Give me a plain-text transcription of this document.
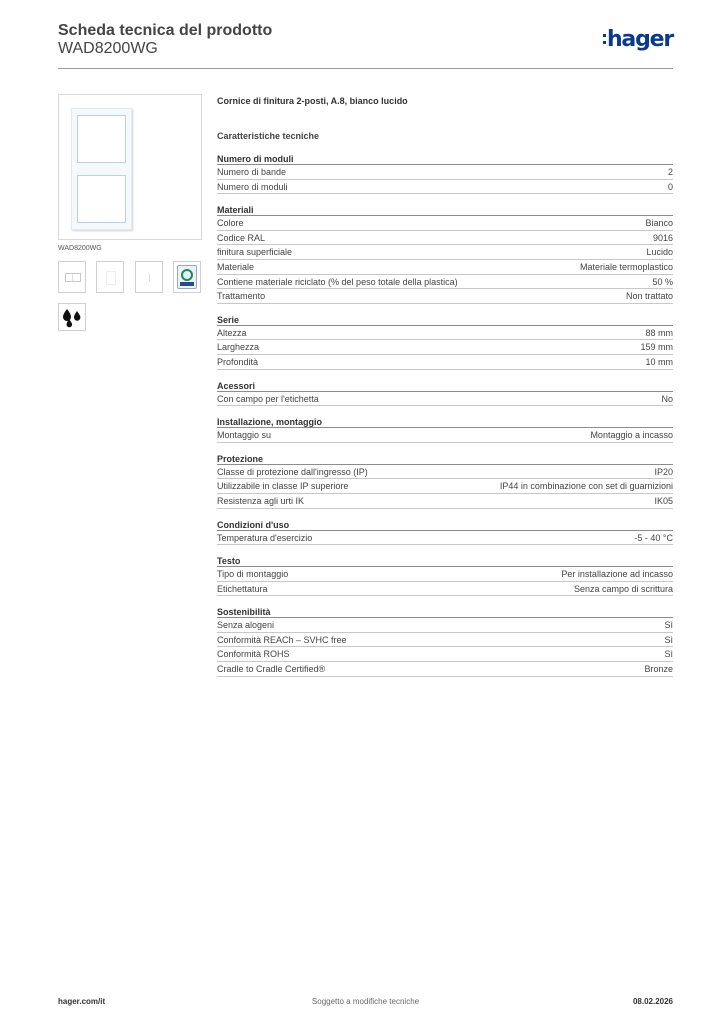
Scheda tecnica del prodotto
WAD8200WG	hager
WAD8200WG
Cornice di finitura 2-posti, A.8, bianco lucido
Caratteristiche tecniche
Numero di moduli
Numero di bande	2
Numero di moduli	0
Materiali
Colore	Bianco
Codice RAL	9016
finitura superficiale	Lucido
Materiale	Materiale termoplastico
Contiene materiale riciclato (% del peso totale della plastica)	50 %
Trattamento	Non trattato
Serie
Altezza	88 mm
Larghezza	159 mm
Profondità	10 mm
Acessori
Con campo per l'etichetta	No
Installazione, montaggio
Montaggio su	Montaggio a incasso
Protezione
Classe di protezione dall'ingresso (IP)	IP20
Utilizzabile in classe IP superiore	IP44 in combinazione con set di guarnizioni
Resistenza agli urti IK	IK05
Condizioni d'uso
Temperatura d'esercizio	-5 - 40 °C
Testo
Tipo di montaggio	Per installazione ad incasso
Etichettatura	Senza campo di scrittura
Sostenibilità
Senza alogeni	Sì
Conformità REACh – SVHC free	Sì
Conformità ROHS	Sì
Cradle to Cradle Certified®	Bronze
Soggetto a modifiche tecniche
hager.com/it	08.02.2026
